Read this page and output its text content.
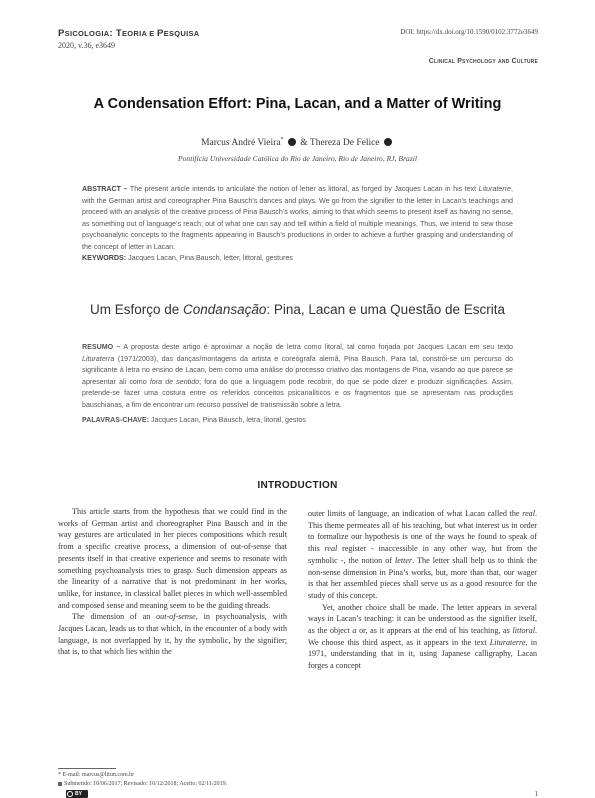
PSICOLOGIA: TEORIA E PESQUISA
2020, v.36, e3649
DOI: https://dx.doi.org/10.1590/0102.3772e3649
Clinical Psychology and Culture
A Condensation Effort: Pina, Lacan, and a Matter of Writing
Marcus André Vieira* & Thereza De Felice
Pontifícia Universidade Católica do Rio de Janeiro, Rio de Janeiro, RJ, Brazil
ABSTRACT – The present article intends to articulate the notion of letter as littoral, as forged by Jacques Lacan in his text Lituraterre, with the German artist and coreographer Pina Bausch’s dances and plays. We go from the signifier to the letter in Lacan’s teachings and proceed with an analysis of the creative process of Pina Bausch’s works, aiming to that which seems to present itself as having no sense, as something out of language’s reach; out of what one can say and tell within a field of multiple meanings. Thus, we intend to sew those psychoanalytic concepts to the fragments appearing in Bausch’s productions in order to achieve a further grasping and understanding of the concept of letter in Lacan.
KEYWORDS: Jacques Lacan, Pina Bausch, letter, littoral, gestures
Um Esforço de Condansação: Pina, Lacan e uma Questão de Escrita
RESUMO – A proposta deste artigo é aproximar a noção de letra como litoral, tal como forjada por Jacques Lacan em seu texto Lituraterra (1971/2003), das danças/montagens da artista e coreógrafa alemã, Pina Bausch. Para tal, constrói-se um percurso do significante à letra no ensino de Lacan, bem como uma análise do processo criativo das montagens de Pina, visando ao que parece se apresentar ali como fora de sentido; fora do que a linguagem pode recobrir, do que se pode dizer e produzir significações. Assim, pretende-se fazer uma costura entre os referidos conceitos psicanalíticos e os fragmentos que se apresentam nas produções bauschianas, a fim de encontrar um recurso possível de transmissão sobre a letra.
PALAVRAS-CHAVE: Jacques Lacan, Pina Bausch, letra, litoral, gestos
INTRODUCTION

This article starts from the hypothesis that we could find in the works of German artist and choreographer Pina Bausch and in the way gestures are articulated in her pieces compositions which result from a specific creative process, a dimension of out-of-sense that presents itself in that creative experience and seems to resonate with something psychoanalysis tries to grasp. Such dimension appears as the linearity of a narrative that is not predominant in her works, unlike, for instance, in classical ballet pieces in which well-assembled and composed sense and meaning seem to be the guiding threads.

The dimension of an out-of-sense, in psychoanalysis, with Jacques Lacan, leads us to that which, in the encounter of a body with language, is not overlapped by it, by the symbolic, by the signifier; that is, to that which lies within the

outer limits of language, an indication of what Lacan called the real. This theme permeates all of his teaching, but what interest us in order to formalize our hypothesis is one of the ways he found to speak of this real register - inaccessible in any other way, but from the symbolic -, the notion of letter. The letter shall help us to think the non-sense dimension in Pina’s works, but, more than that, our wager is that her assembled pieces shall serve us as a good resource for the study of this concept.

Yet, another choice shall be made. The letter appears in several ways in Lacan’s teaching: it can be understood as the signifier itself, as the object a or, as it appears at the end of his teaching, as littoral. We choose this third aspect, as it appears in the text Lituraterre, in 1971, understanding that in it, using Japanese calligraphy, Lacan forges a concept

* E-mail: marcus@litun.com.br
Submetido: 10/06/2017; Revisado: 10/12/2018; Aceito: 02/11/2019.
BY	1
